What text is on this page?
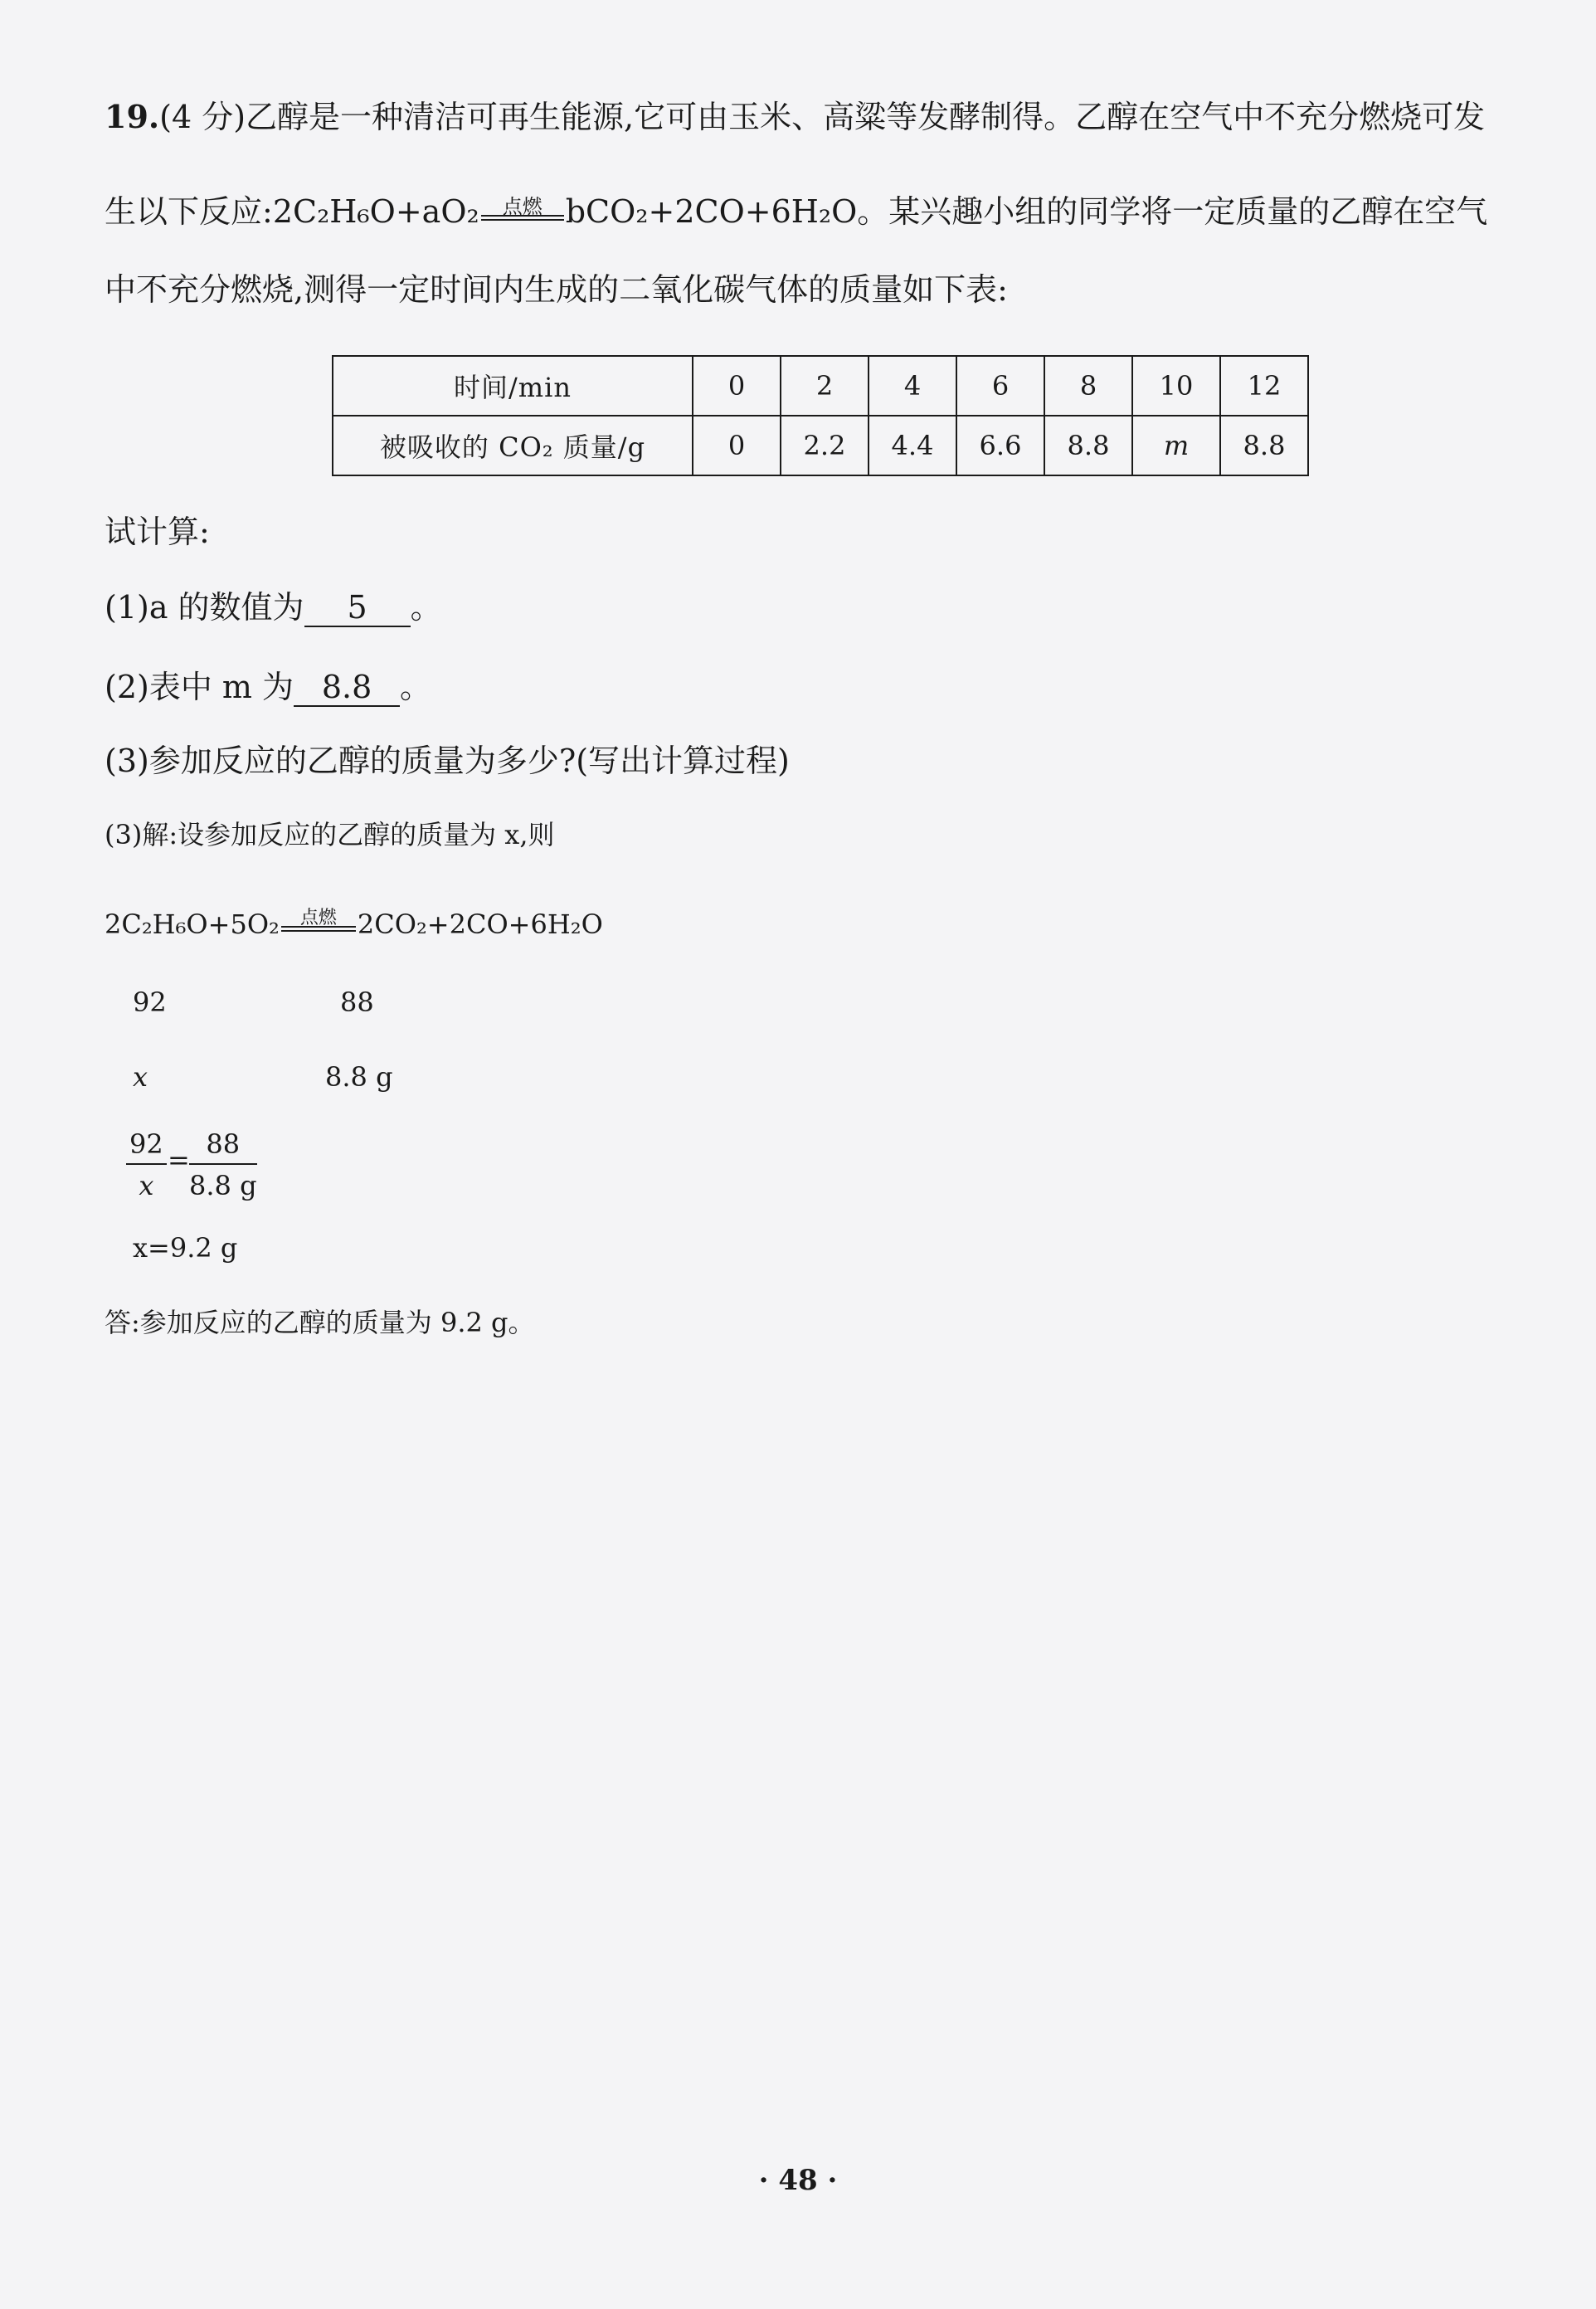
19.(4 分)乙醇是一种清洁可再生能源,它可由玉米、高粱等发酵制得。乙醇在空气中不充分燃烧可发
生以下反应:2C₂H₆O+aO₂	点燃 bCO₂+2CO+6H₂O。某兴趣小组的同学将一定质量的乙醇在空气
中不充分燃烧,测得一定时间内生成的二氧化碳气体的质量如下表:
时间/min	0	2	4	6	8	10	12
被吸收的 CO₂ 质量/g	0	2.2	4.4	6.6	8.8	m	8.8
试计算:
(1)a 的数值为 5 。
(2)表中 m 为 8.8 。
(3)参加反应的乙醇的质量为多少?(写出计算过程)
(3)解:设参加反应的乙醇的质量为 x,则
2C₂H₆O+5O₂	点燃 2CO₂+2CO+6H₂O
92	88
x	8.8 g
$\frac{92}{x} = \frac{88}{8.8 g}$
x=9.2 g
答:参加反应的乙醇的质量为 9.2 g。
· 48 ·
